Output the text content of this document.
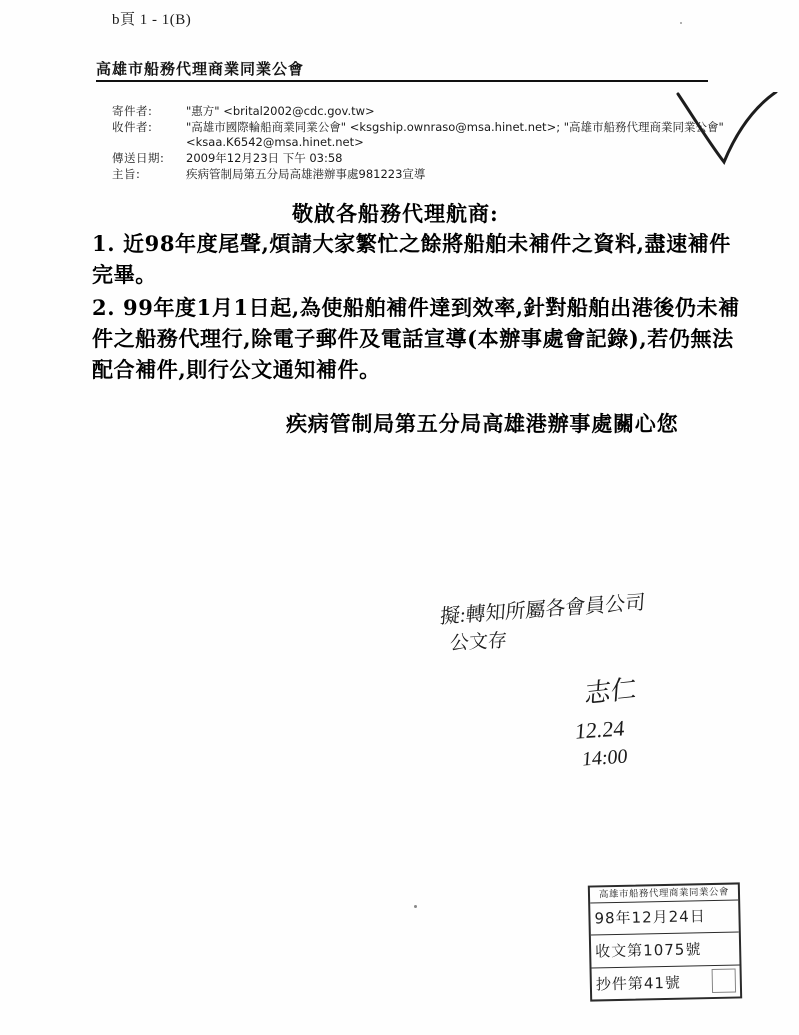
b頁 1 - 1(B)
高雄市船務代理商業同業公會
寄件者:	"惠方" <brital2002@cdc.gov.tw>
收件者:	"高雄市國際輪船商業同業公會" <ksgship.ownraso@msa.hinet.net>; "高雄市船務代理商業同業公會" <ksaa.K6542@msa.hinet.net>
傳送日期:	2009年12月23日 下午 03:58
主旨:	疾病管制局第五分局高雄港辦事處981223宣導
敬啟各船務代理航商:
1. 近98年度尾聲,煩請大家繁忙之餘將船舶未補件之資料,盡速補件完畢。
2. 99年度1月1日起,為使船舶補件達到效率,針對船舶出港後仍未補件之船務代理行,除電子郵件及電話宣導(本辦事處會記錄),若仍無法配合補件,則行公文通知補件。
疾病管制局第五分局高雄港辦事處關心您
擬:轉知所屬各會員公司
公文存
志仁
12.24
14:00
高雄市船務代理商業同業公會
98年12月24日
收文第1075號
抄件第41號
